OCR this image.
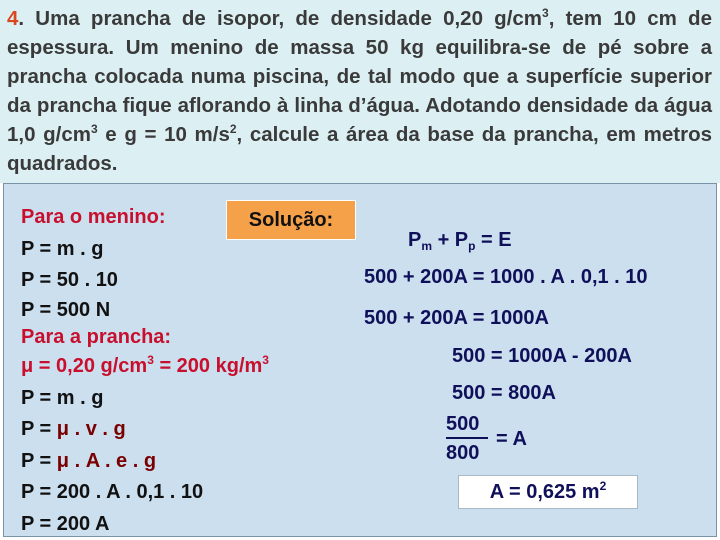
4. Uma prancha de isopor, de densidade 0,20 $g/cm^3$, tem 10 cm de espessura. Um menino de massa 50 kg equilibra-se de pé sobre a prancha colocada numa piscina, de tal modo que a superfície superior da prancha fique aflorando à linha d’água. Adotando densidade da água 1,0 $g/cm^3$ e g = 10 $m/s^2$, calcule a área da base da prancha, em metros quadrados.
Solução:
Para o menino:
P = m . g
P = 50 . 10
P = 500 N
Para a prancha:
μ = 0,20 $g/cm^3 = 200$ $kg/m^3$
P = m . g
P = μ . v . g
P = μ . A . e . g
P = 200 . A . 0,1 . 10
P = 200 A
$P_m + P_p = E$
500 + 200A = 1000 . A . 0,1 . 10
500 + 200A = 1000A
500 = 1000A - 200A
500 = 800A
500
800
= A
A = 0,625 $m^2$
